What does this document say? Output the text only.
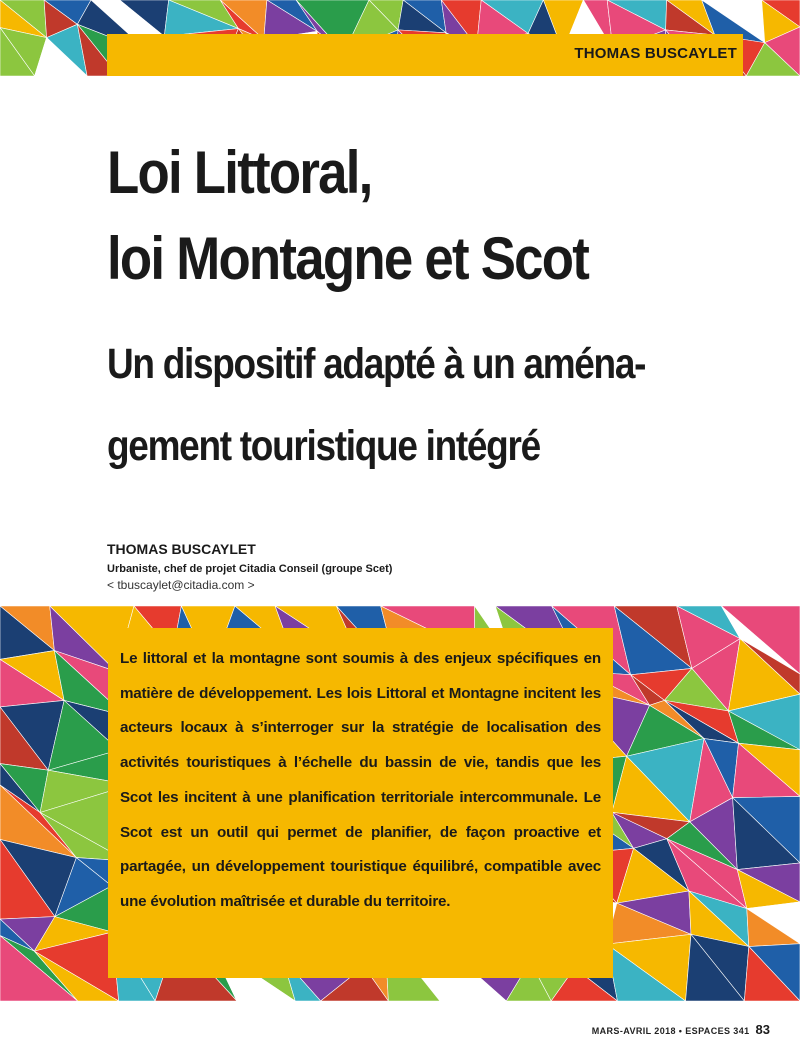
THOMAS BUSCAYLET
Loi Littoral,
loi Montagne et Scot
Un dispositif adapté à un aména-
gement touristique intégré
THOMAS BUSCAYLET
Urbaniste, chef de projet Citadia Conseil (groupe Scet)
< tbuscaylet@citadia.com >

Le littoral et la montagne sont soumis à des enjeux spécifiques en matière de développement. Les lois Littoral et Montagne incitent les acteurs locaux à s’interroger sur la stratégie de localisation des activités touristiques à l’échelle du bassin de vie, tandis que les Scot les incitent à une planification territoriale intercommunale. Le Scot est un outil qui permet de planifier, de façon proactive et partagée, un développement touristique équilibré, compatible avec une évolution maîtrisée et durable du territoire.

MARS-AVRIL 2018 • ESPACES 341 83
